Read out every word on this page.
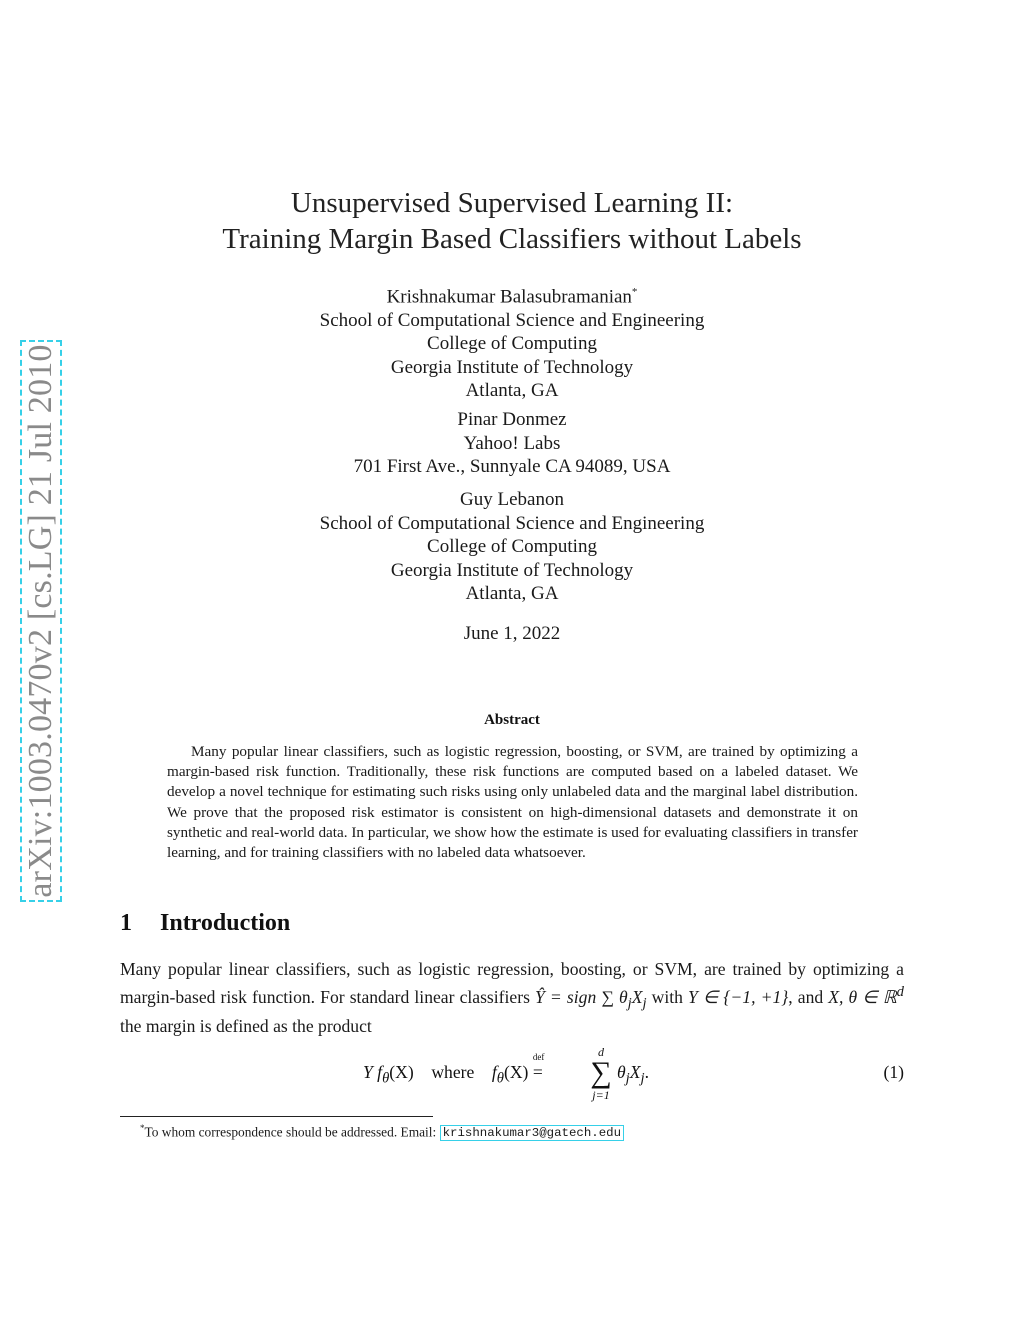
arXiv:1003.0470v2 [cs.LG] 21 Jul 2010
Unsupervised Supervised Learning II:
Training Margin Based Classifiers without Labels
Krishnakumar Balasubramanian*
School of Computational Science and Engineering
College of Computing
Georgia Institute of Technology
Atlanta, GA
Pinar Donmez
Yahoo! Labs
701 First Ave., Sunnyale CA 94089, USA
Guy Lebanon
School of Computational Science and Engineering
College of Computing
Georgia Institute of Technology
Atlanta, GA
June 1, 2022
Abstract
Many popular linear classifiers, such as logistic regression, boosting, or SVM, are trained by optimizing a margin-based risk function. Traditionally, these risk functions are computed based on a labeled dataset. We develop a novel technique for estimating such risks using only unlabeled data and the marginal label distribution. We prove that the proposed risk estimator is consistent on high-dimensional datasets and demonstrate it on synthetic and real-world data. In particular, we show how the estimate is used for evaluating classifiers in transfer learning, and for training classifiers with no labeled data whatsoever.
1 Introduction
Many popular linear classifiers, such as logistic regression, boosting, or SVM, are trained by optimizing a margin-based risk function. For standard linear classifiers Ŷ = sign ∑ $\theta_jX_j$ with Y ∈ {−1, +1}, and X, θ ∈ ℝ$^d$ the margin is defined as the product
Y $f_\theta(X)$ where $f_\theta(X)$
def
=
d
∑
j=1
$\theta_jX_j$.	(1)
*To whom correspondence should be addressed. Email: krishnakumar3@gatech.edu
